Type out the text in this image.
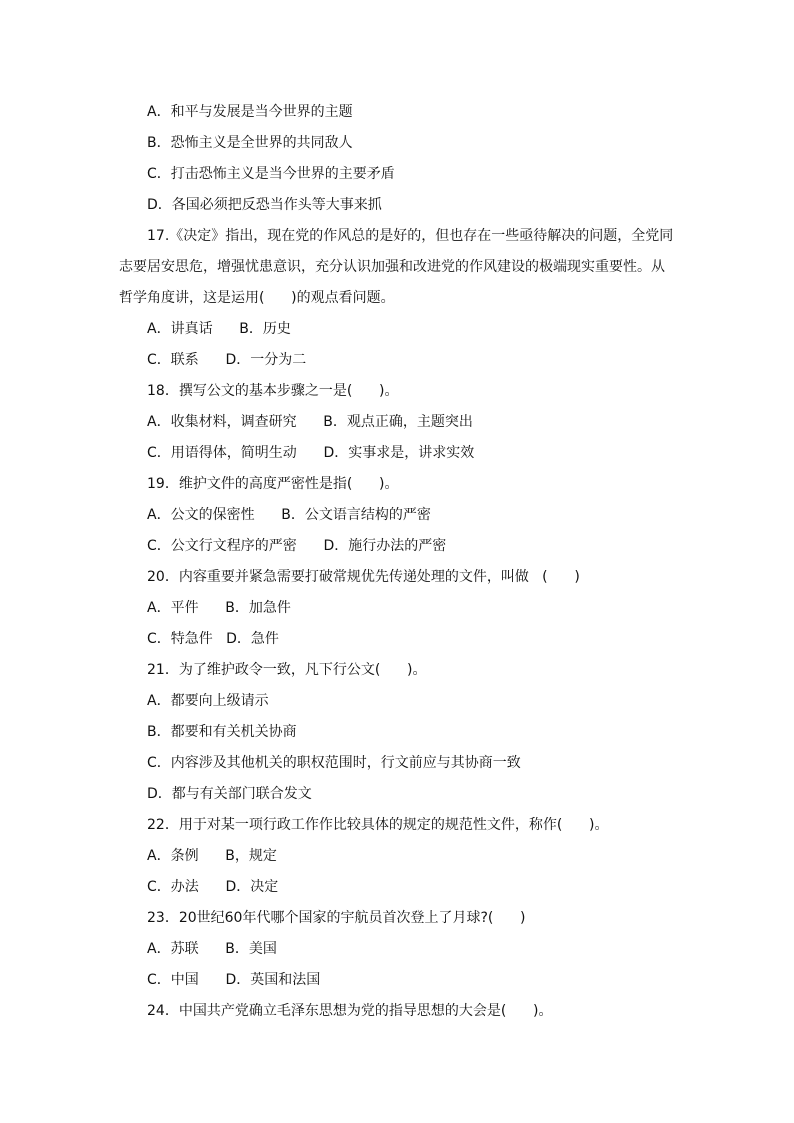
A．和平与发展是当今世界的主题
B．恐怖主义是全世界的共同敌人
C．打击恐怖主义是当今世界的主要矛盾
D．各国必须把反恐当作头等大事来抓
17.《决定》指出，现在党的作风总的是好的，但也存在一些亟待解决的问题，全党同
志要居安思危，增强忧患意识，充分认识加强和改进党的作风建设的极端现实重要性。从
哲学角度讲，这是运用(      )的观点看问题。
A．讲真话      B．历史
C．联系      D．一分为二
18．撰写公文的基本步骤之一是(      )。
A．收集材料，调查研究      B．观点正确，主题突出
C．用语得体，简明生动      D．实事求是，讲求实效
19．维护文件的高度严密性是指(      )。
A．公文的保密性      B．公文语言结构的严密
C．公文行文程序的严密      D．施行办法的严密
20．内容重要并紧急需要打破常规优先传递处理的文件，叫做   (      )
A．平件      B．加急件
C．特急件   D．急件
21．为了维护政令一致，凡下行公文(      )。
A．都要向上级请示
B．都要和有关机关协商
C．内容涉及其他机关的职权范围时，行文前应与其协商一致
D．都与有关部门联合发文
22．用于对某一项行政工作作比较具体的规定的规范性文件，称作(      )。
A．条例      B，规定
C．办法      D．决定
23．20世纪60年代哪个国家的宇航员首次登上了月球?(      )
A．苏联      B．美国
C．中国      D．英国和法国
24．中国共产党确立毛泽东思想为党的指导思想的大会是(      )。
